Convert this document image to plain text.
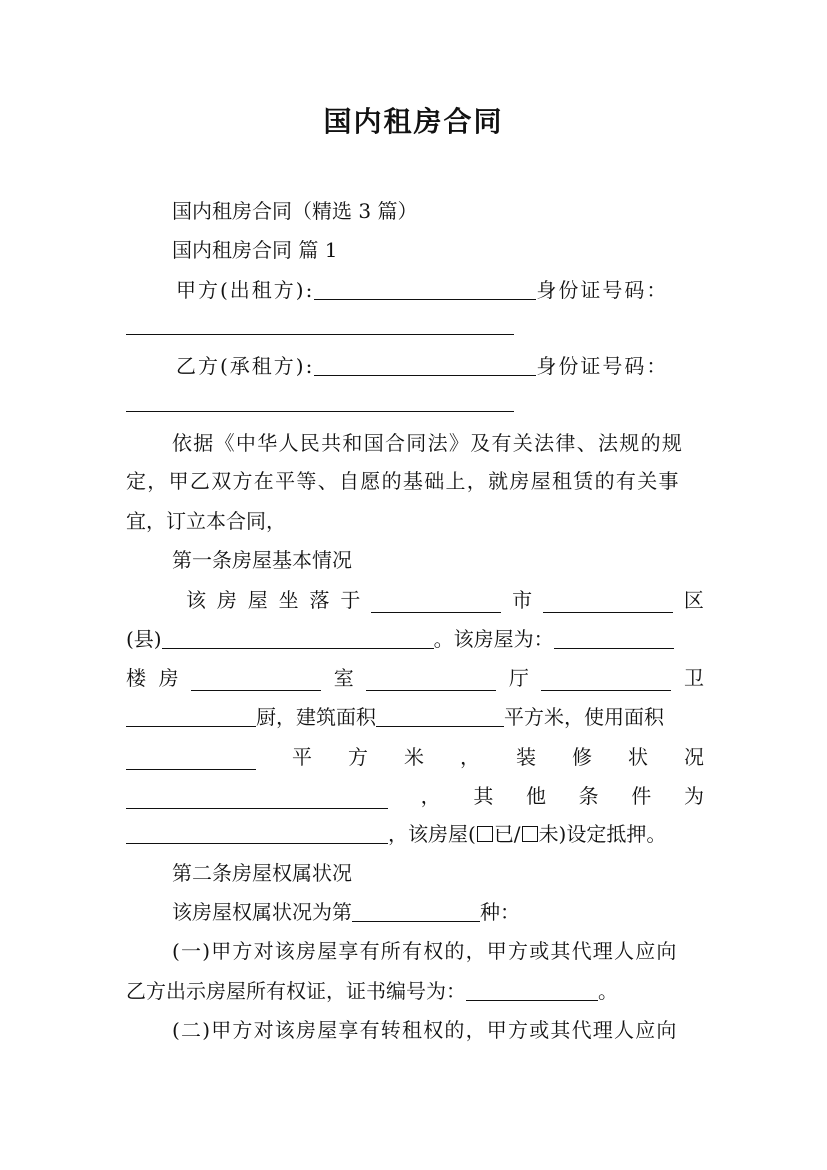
国内租房合同
国内租房合同（精选 3 篇）
国内租房合同 篇 1
甲方(出租方):	身份证号码：
乙方(承租方):	身份证号码：
依据《中华人民共和国合同法》及有关法律、法规的规
定，甲乙双方在平等、自愿的基础上，就房屋租赁的有关事
宜，订立本合同，
第一条房屋基本情况
该 房 屋 坐 落 于	市	区
(县)	。该房屋为：
楼 房	室	厅	卫
厨，建筑面积	平方米，使用面积
平 方 米 ， 装 修 状 况
， 其 他 条 件 为
，该房屋( 已/ 未)设定抵押。
第二条房屋权属状况
该房屋权属状况为第	种：
(一)甲方对该房屋享有所有权的，甲方或其代理人应向
乙方出示房屋所有权证，证书编号为：	。
(二)甲方对该房屋享有转租权的，甲方或其代理人应向
